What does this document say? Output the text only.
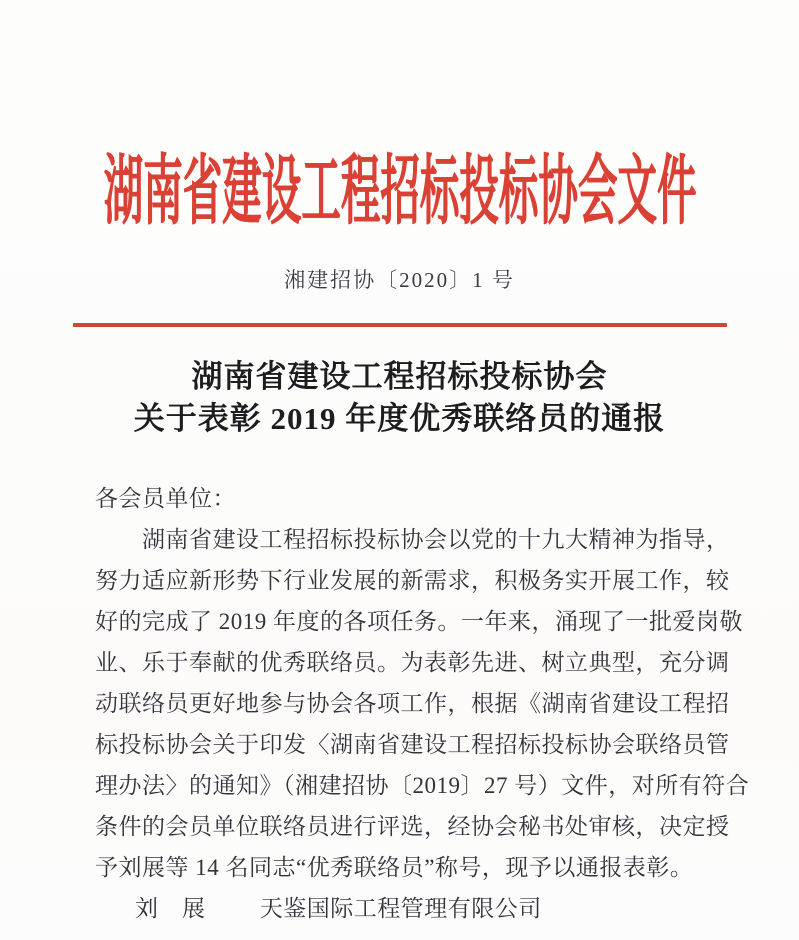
湖南省建设工程招标投标协会文件
湘建招协〔2020〕1 号
湖南省建设工程招标投标协会
关于表彰 2019 年度优秀联络员的通报
各会员单位：
　　湖南省建设工程招标投标协会以党的十九大精神为指导，
努力适应新形势下行业发展的新需求，积极务实开展工作，较
好的完成了 2019 年度的各项任务。一年来，涌现了一批爱岗敬
业、乐于奉献的优秀联络员。为表彰先进、树立典型，充分调
动联络员更好地参与协会各项工作，根据《湖南省建设工程招
标投标协会关于印发〈湖南省建设工程招标投标协会联络员管
理办法〉的通知》（湘建招协〔2019〕27 号）文件，对所有符合
条件的会员单位联络员进行评选，经协会秘书处审核，决定授
予刘展等 14 名同志“优秀联络员”称号，现予以通报表彰。
刘　展 天鉴国际工程管理有限公司
